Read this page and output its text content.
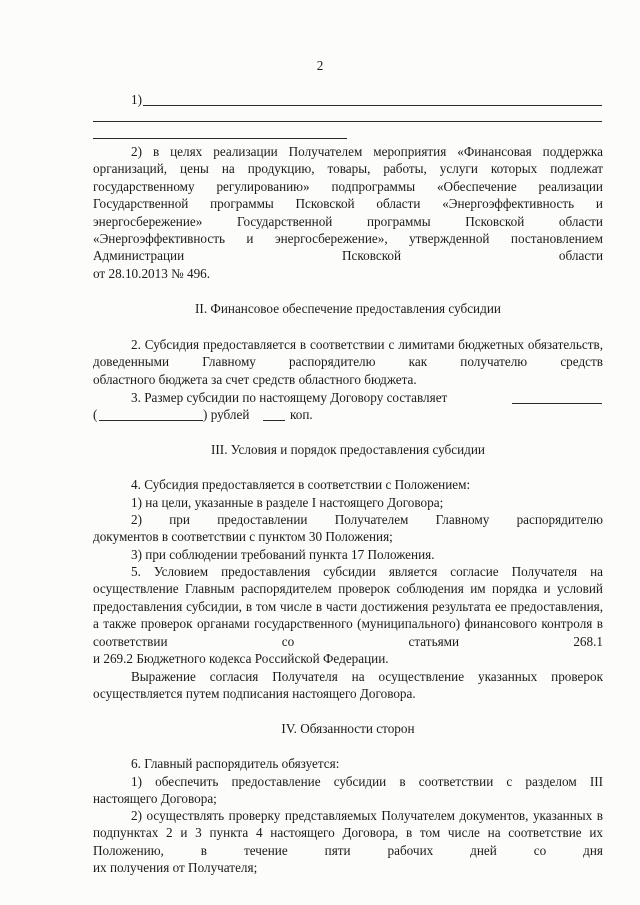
2
1)
2) в целях реализации Получателем мероприятия «Финансовая поддержка организаций, цены на продукцию, товары, работы, услуги которых подлежат государственному регулированию» подпрограммы «Обеспечение реализации Государственной программы Псковской области «Энергоэффективность и энергосбережение» Государственной программы Псковской области «Энергоэффективность и энергосбережение», утвержденной постановлением Администрации Псковской области
от 28.10.2013 № 496.
II. Финансовое обеспечение предоставления субсидии
2. Субсидия предоставляется в соответствии с лимитами бюджетных обязательств, доведенными Главному распорядителю как получателю средств
областного бюджета за счет средств областного бюджета.
3. Размер субсидии по настоящему Договору составляет
(	) рублей	коп.
III. Условия и порядок предоставления субсидии
4. Субсидия предоставляется в соответствии с Положением:
1) на цели, указанные в разделе I настоящего Договора;
2) при предоставлении Получателем Главному распорядителю
документов в соответствии с пунктом 30 Положения;
3) при соблюдении требований пункта 17 Положения.
5. Условием предоставления субсидии является согласие Получателя на осуществление Главным распорядителем проверок соблюдения им порядка и условий предоставления субсидии, в том числе в части достижения результата ее предоставления, а также проверок органами государственного (муниципального) финансового контроля в соответствии со статьями 268.1
и 269.2 Бюджетного кодекса Российской Федерации.
Выражение согласия Получателя на осуществление указанных проверок
осуществляется путем подписания настоящего Договора.
IV. Обязанности сторон
6. Главный распорядитель обязуется:
1) обеспечить предоставление субсидии в соответствии с разделом III
настоящего Договора;
2) осуществлять проверку представляемых Получателем документов, указанных в подпунктах 2 и 3 пункта 4 настоящего Договора, в том числе на соответствие их Положению, в течение пяти рабочих дней со дня
их получения от Получателя;
